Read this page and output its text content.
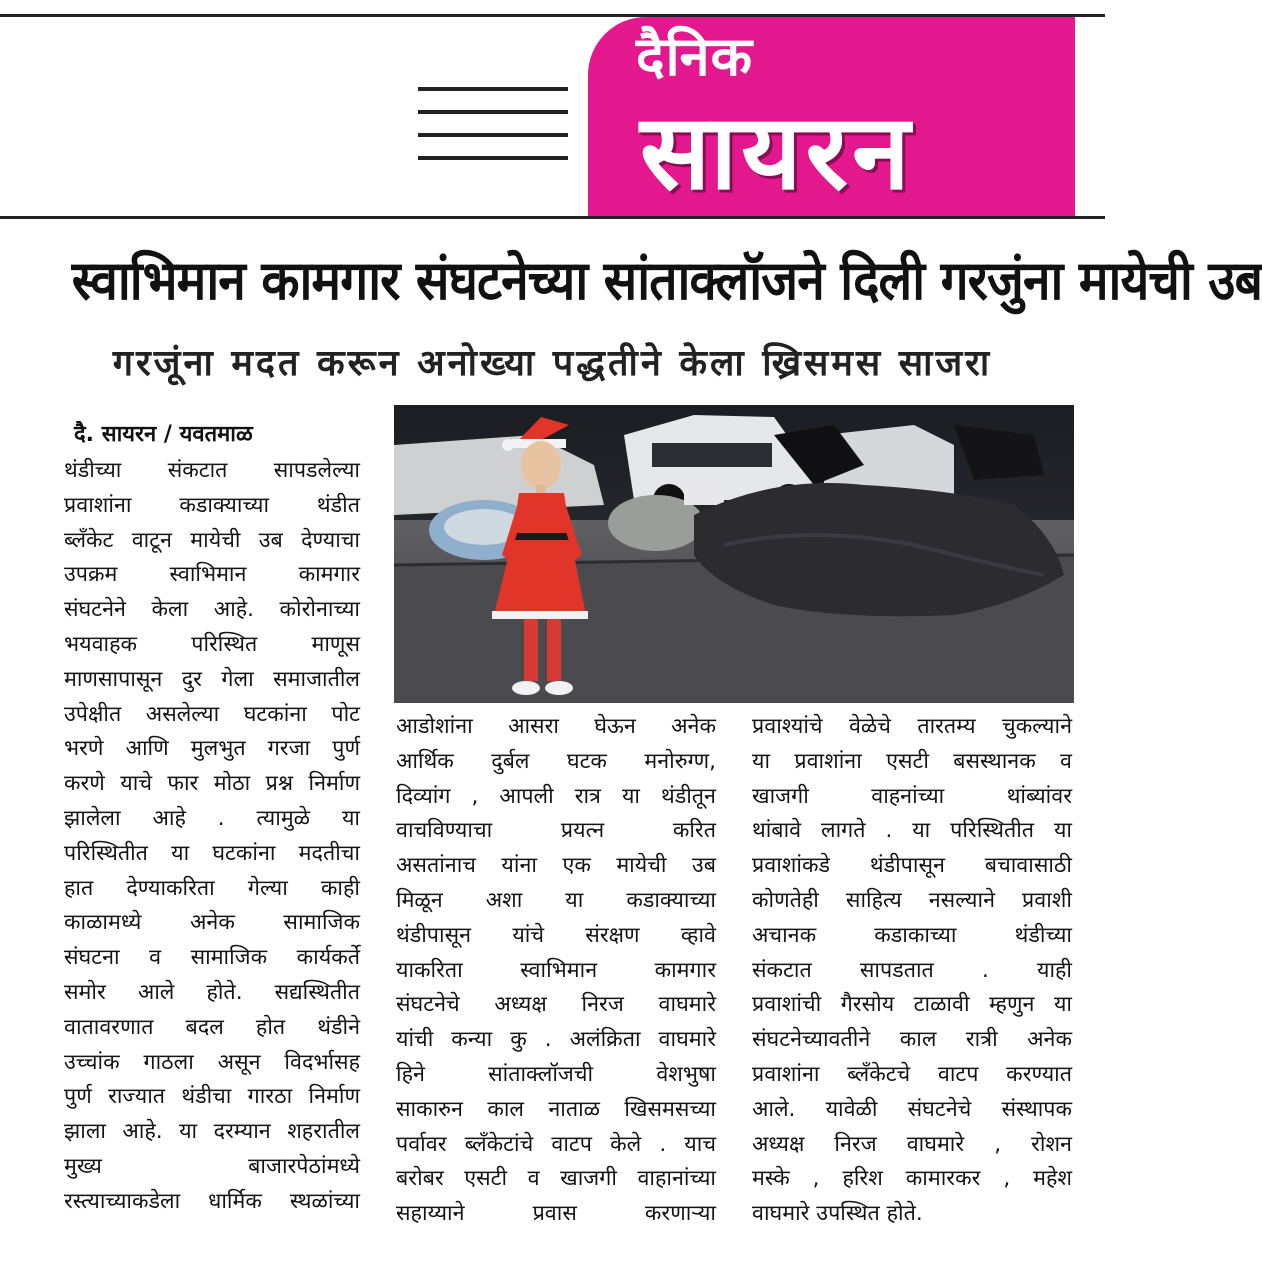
दैनिक
सायरन
स्वाभिमान कामगार संघटनेच्या सांताक्लॉजने दिली गरजुंना मायेची उब
गरजूंना मदत करून अनोख्या पद्धतीने केला ख्रिसमस साजरा
दै. सायरन / यवतमाळ

थंडीच्या संकटात सापडलेल्या

प्रवाशांना कडाक्याच्या थंडीत

ब्लँकेट वाटून मायेची उब देण्याचा

उपक्रम स्वाभिमान कामगार

संघटनेने केला आहे. कोरोनाच्या

भयवाहक परिस्थित माणूस

माणसापासून दुर गेला समाजातील

उपेक्षीत असलेल्या घटकांना पोट

भरणे आणि मुलभुत गरजा पुर्ण

करणे याचे फार मोठा प्रश्न निर्माण

झालेला आहे . त्यामुळे या

परिस्थितीत या घटकांना मदतीचा

हात देण्याकरिता गेल्या काही

काळामध्ये अनेक सामाजिक

संघटना व सामाजिक कार्यकर्ते

समोर आले होते. सद्यस्थितीत

वातावरणात बदल होत थंडीने

उच्चांक गाठला असून विदर्भासह

पुर्ण राज्यात थंडीचा गारठा निर्माण

झाला आहे. या दरम्यान शहरातील

मुख्य बाजारपेठांमध्ये

रस्त्याच्याकडेला धार्मिक स्थळांच्या

आडोशांना आसरा घेऊन अनेक

आर्थिक दुर्बल घटक मनोरुग्ण,

दिव्यांग , आपली रात्र या थंडीतून

वाचविण्याचा प्रयत्न करित

असतांनाच यांना एक मायेची उब

मिळून अशा या कडाक्याच्या

थंडीपासून यांचे संरक्षण व्हावे

याकरिता स्वाभिमान कामगार

संघटनेचे अध्यक्ष निरज वाघमारे

यांची कन्या कु . अलंक्रिता वाघमारे

हिने सांताक्लॉजची वेशभुषा

साकारुन काल नाताळ खिसमसच्या

पर्वावर ब्लँकेटांचे वाटप केले . याच

बरोबर एसटी व खाजगी वाहानांच्या

सहाय्याने प्रवास करणाऱ्या

प्रवाश्यांचे वेळेचे तारतम्य चुकल्याने

या प्रवाशांना एसटी बसस्थानक व

खाजगी वाहनांच्या थांब्यांवर

थांबावे लागते . या परिस्थितीत या

प्रवाशांकडे थंडीपासून बचावासाठी

कोणतेही साहित्य नसल्याने प्रवाशी

अचानक कडाकाच्या थंडीच्या

संकटात सापडतात . याही

प्रवाशांची गैरसोय टाळावी म्हणुन या

संघटनेच्यावतीने काल रात्री अनेक

प्रवाशांना ब्लँकेटचे वाटप करण्यात

आले. यावेळी संघटनेचे संस्थापक

अध्यक्ष निरज वाघमारे , रोशन

मस्के , हरिश कामारकर , महेश

वाघमारे उपस्थित होते.
